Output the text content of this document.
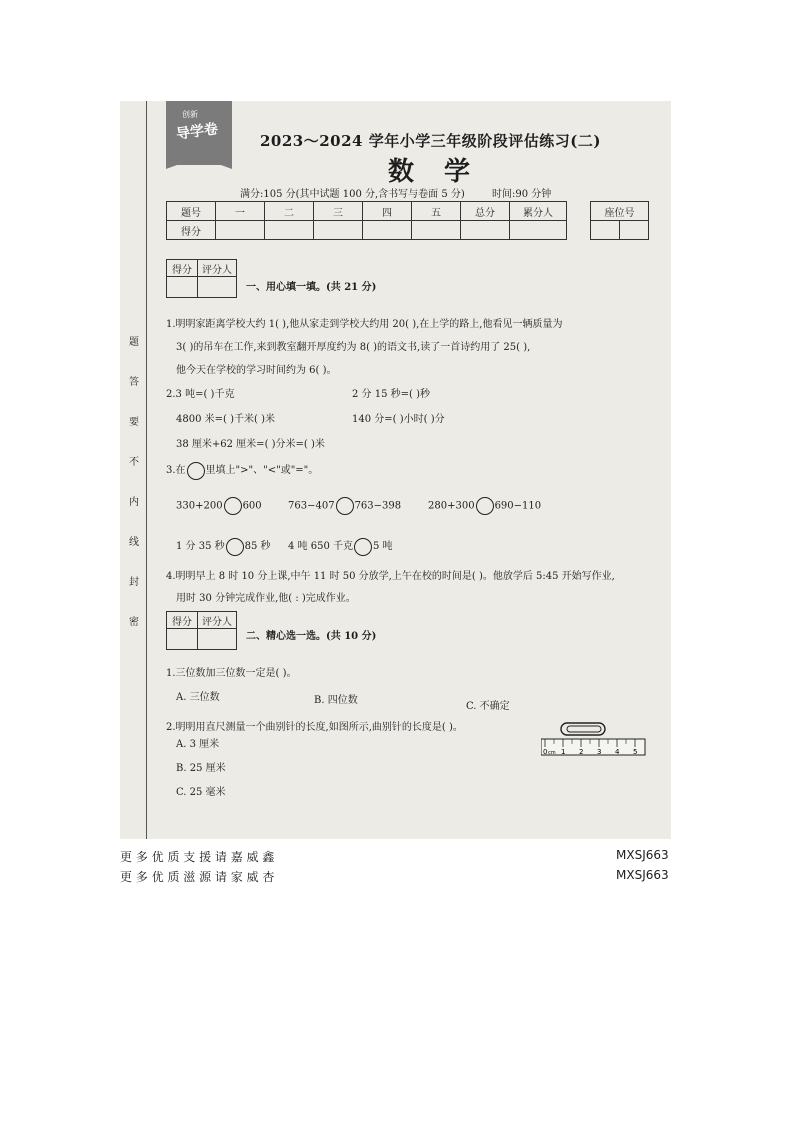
题
答
要
不
内
线
封
密
创新
导学卷	2023～2024 学年小学三年级阶段评估练习(二)
数学
满分:105 分(其中试题 100 分,含书写与卷面 5 分)	时间:90 分钟
题号	一	二	三	四	五	总分	累分人
得分							
座位号

得分	评分人

一、用心填一填。(共 21 分)
1.明明家距离学校大约 1( ),他从家走到学校大约用 20( ),在上学的路上,他看见一辆质量为
3( )的吊车在工作,来到教室翻开厚度约为 8( )的语文书,读了一首诗约用了 25( ),
他今天在学校的学习时间约为 6( )。
2.3 吨=( )千克	2 分 15 秒=( )秒
4800 米=( )千米( )米	140 分=( )小时( )分
38 厘米+62 厘米=( )分米=( )米
3.在 里填上">"、"<"或"="。
330+200 600	763−407 763−398	280+300 690−110
1 分 35 秒 85 秒 4 吨 650 千克 5 吨
4.明明早上 8 时 10 分上课,中午 11 时 50 分放学,上午在校的时间是( )。他放学后 5:45 开始写作业,
用时 30 分钟完成作业,他( : )完成作业。
得分	评分人

二、精心选一选。(共 10 分)
1.三位数加三位数一定是( )。
A. 三位数	B. 四位数
C. 不确定
2.明明用直尺测量一个曲别针的长度,如图所示,曲别针的长度是( )。
A. 3 厘米
B. 25 厘米
C. 25 毫米
0 cm 1 2 3 4 5
更 多 优 质 支 援 请 嘉 威 鑫	MXSJ663
更 多 优 质 滋 源 请 家 威 杏	MXSJ663
